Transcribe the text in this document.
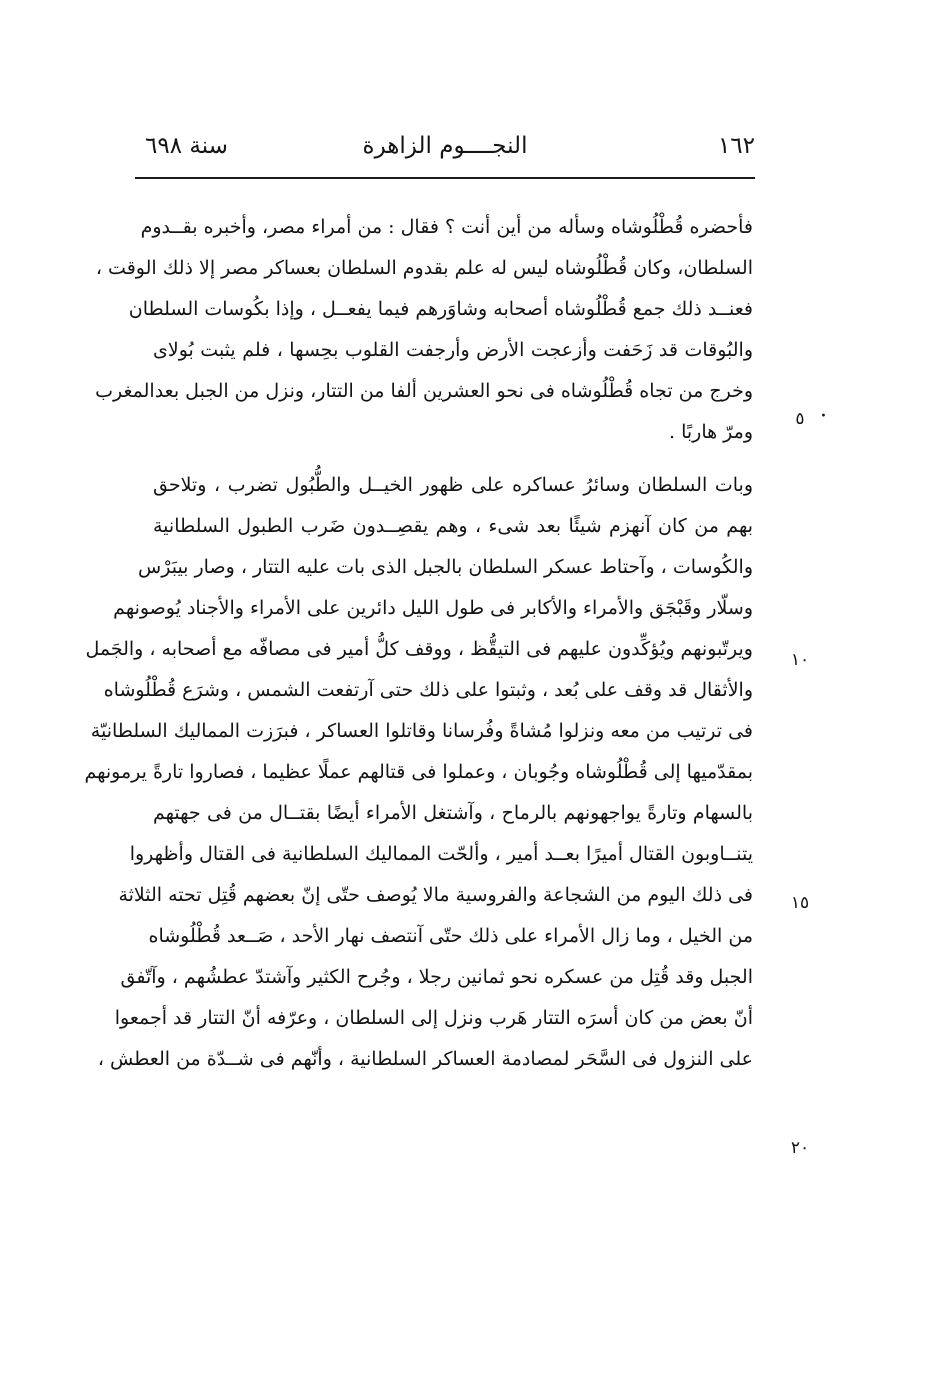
١٦٢
النجــــوم الزاهرة
سنة ٦٩٨
٥
١٠
١٥
٢٠
·
فأحضره قُطْلُوشاه وسأله من أين أنت ؟ فقال : من أمراء مصر، وأخبره بقــدوم
السلطان، وكان قُطْلُوشاه ليس له علم بقدوم السلطان بعساكر مصر إلا ذلك الوقت ،
فعنــد ذلك جمع قُطْلُوشاه أصحابه وشاوَرهم فيما يفعــل ، وإذا بكُوسات السلطان
والبُوقات قد زَحَفت وأزعجت الأرض وأرجفت القلوب بحِسها ، فلم يثبت بُولاى
وخرج من تجاه قُطْلُوشاه فى نحو العشرين ألفا من التتار، ونزل من الجبل بعدالمغرب
ومرّ هاربًا .
وبات السلطان وسائرُ عساكره على ظهور الخيــل والطُّبُول تضرب ، وتلاحق
بهم من كان آنهزم شيئًا بعد شىء ، وهم يقصِــدون ضَرب الطبول السلطانية
والكُوسات ، وآحتاط عسكر السلطان بالجبل الذى بات عليه التتار ، وصار بيبَرْس
وسلّار وقَبْجَق والأمراء والأكابر فى طول الليل دائرين على الأمراء والأجناد يُوصونهم
ويرتّبونهم ويُؤكِّدون عليهم فى التيقُّظ ، ووقف كلُّ أمير فى مصافّه مع أصحابه ، والجَمل
والأثقال قد وقف على بُعد ، وثبتوا على ذلك حتى آرتفعت الشمس ، وشرَع قُطْلُوشاه
فى ترتيب من معه ونزلوا مُشاةً وفُرسانا وقاتلوا العساكر ، فبرَزت المماليك السلطانيّة
بمقدّميها إلى قُطْلُوشاه وجُوبان ، وعملوا فى قتالهم عملًا عظيما ، فصاروا تارةً يرمونهم
بالسهام وتارةً يواجهونهم بالرماح ، وآشتغل الأمراء أيضًا بقتــال من فى جهتهم
يتنــاوبون القتال أميرًا بعــد أمير ، وألحّت المماليك السلطانية فى القتال وأظهروا
فى ذلك اليوم من الشجاعة والفروسية مالا يُوصف حتّى إنّ بعضهم قُتِل تحته الثلاثة
من الخيل ، وما زال الأمراء على ذلك حتّى آنتصف نهار الأحد ، صَــعد قُطْلُوشاه
الجبل وقد قُتِل من عسكره نحو ثمانين رجلا ، وجُرح الكثير وآشتدّ عطشُهم ، وآتّفق
أنّ بعض من كان أسرَه التتار هَرب ونزل إلى السلطان ، وعرّفه أنّ التتار قد أجمعوا
على النزول فى السَّحَر لمصادمة العساكر السلطانية ، وأنّهم فى شــدّة من العطش ،
